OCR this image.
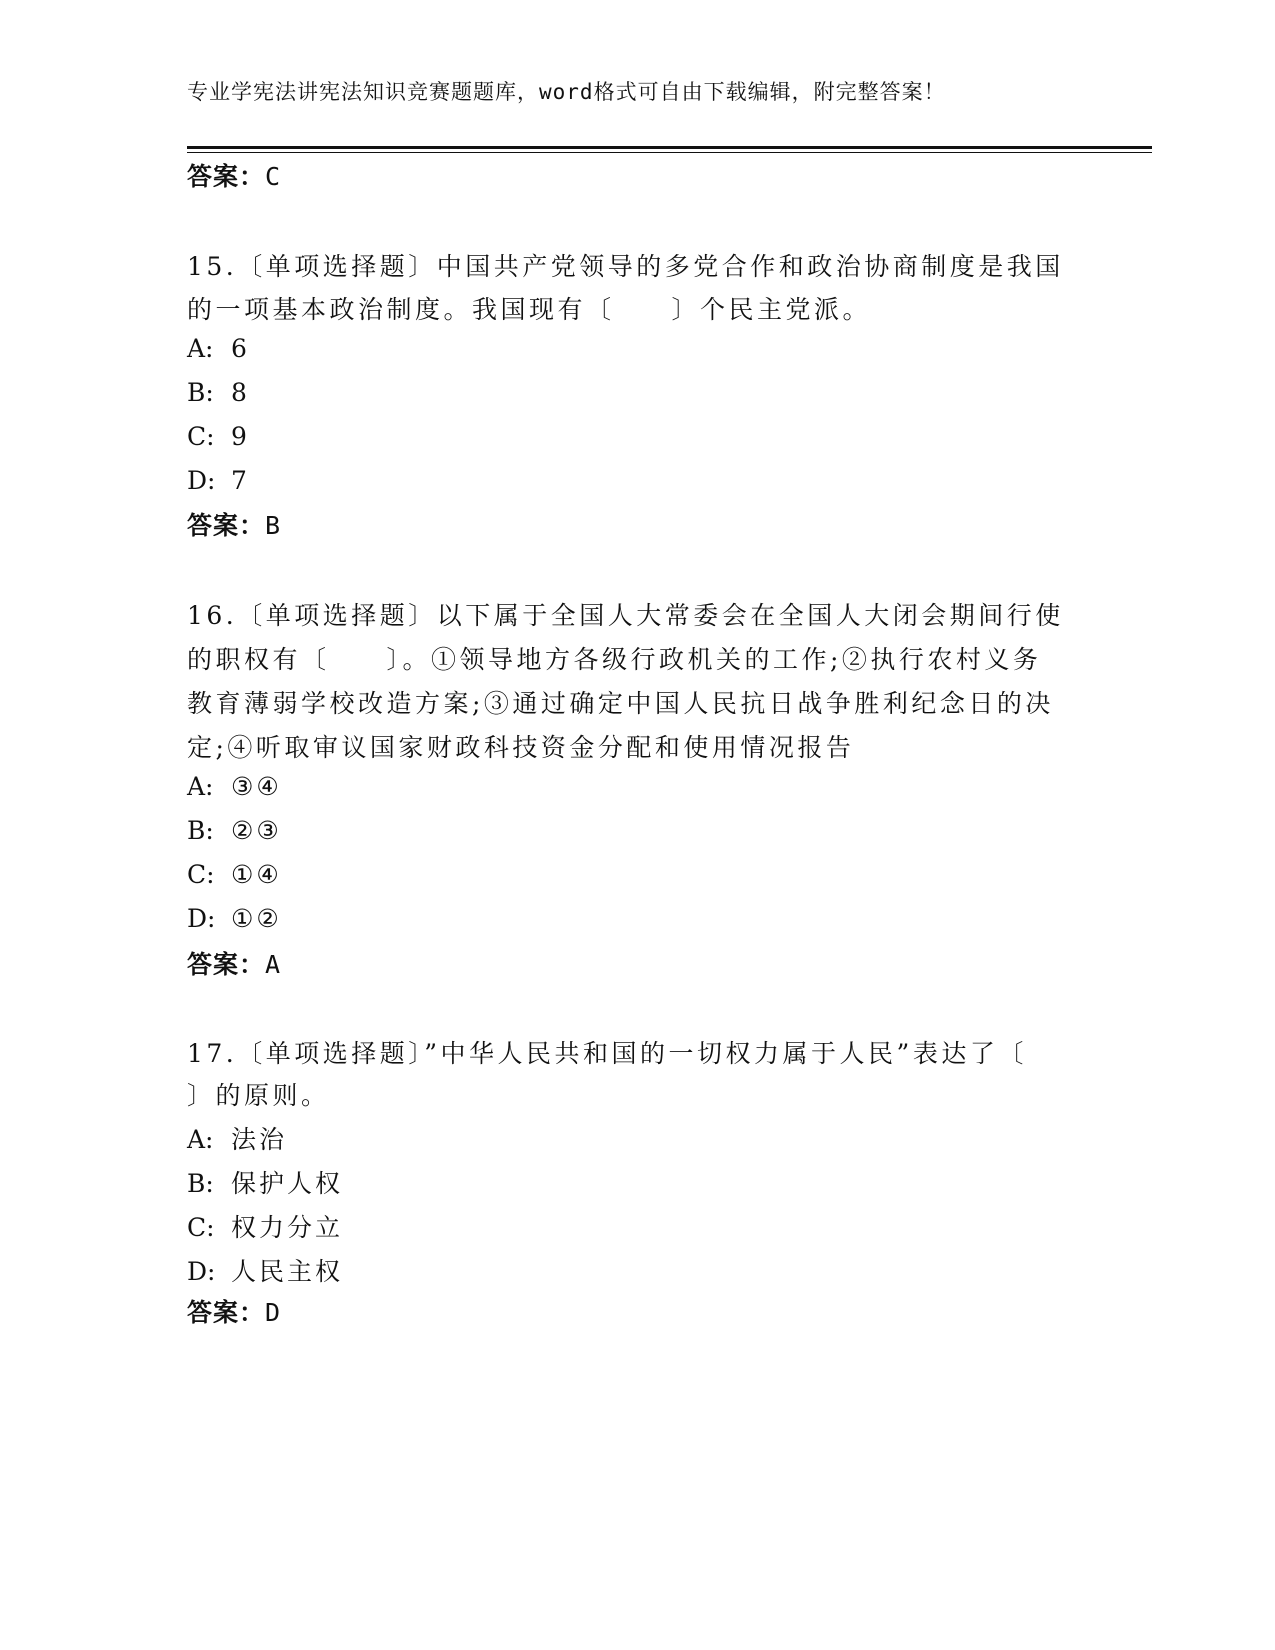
专业学宪法讲宪法知识竞赛题题库，word格式可自由下载编辑，附完整答案！
答案：C
15.〔单项选择题〕中国共产党领导的多党合作和政治协商制度是我国
的一项基本政治制度。我国现有〔　　〕个民主党派。
A: 6
B: 8
C: 9
D: 7
答案：B
16.〔单项选择题〕以下属于全国人大常委会在全国人大闭会期间行使
的职权有〔　　〕。①领导地方各级行政机关的工作;②执行农村义务
教育薄弱学校改造方案;③通过确定中国人民抗日战争胜利纪念日的决
定;④听取审议国家财政科技资金分配和使用情况报告
A: ③④
B: ②③
C: ①④
D: ①②
答案：A
17.〔单项选择题〕”中华人民共和国的一切权力属于人民”表达了〔
〕的原则。
A: 法治
B: 保护人权
C: 权力分立
D: 人民主权
答案：D
